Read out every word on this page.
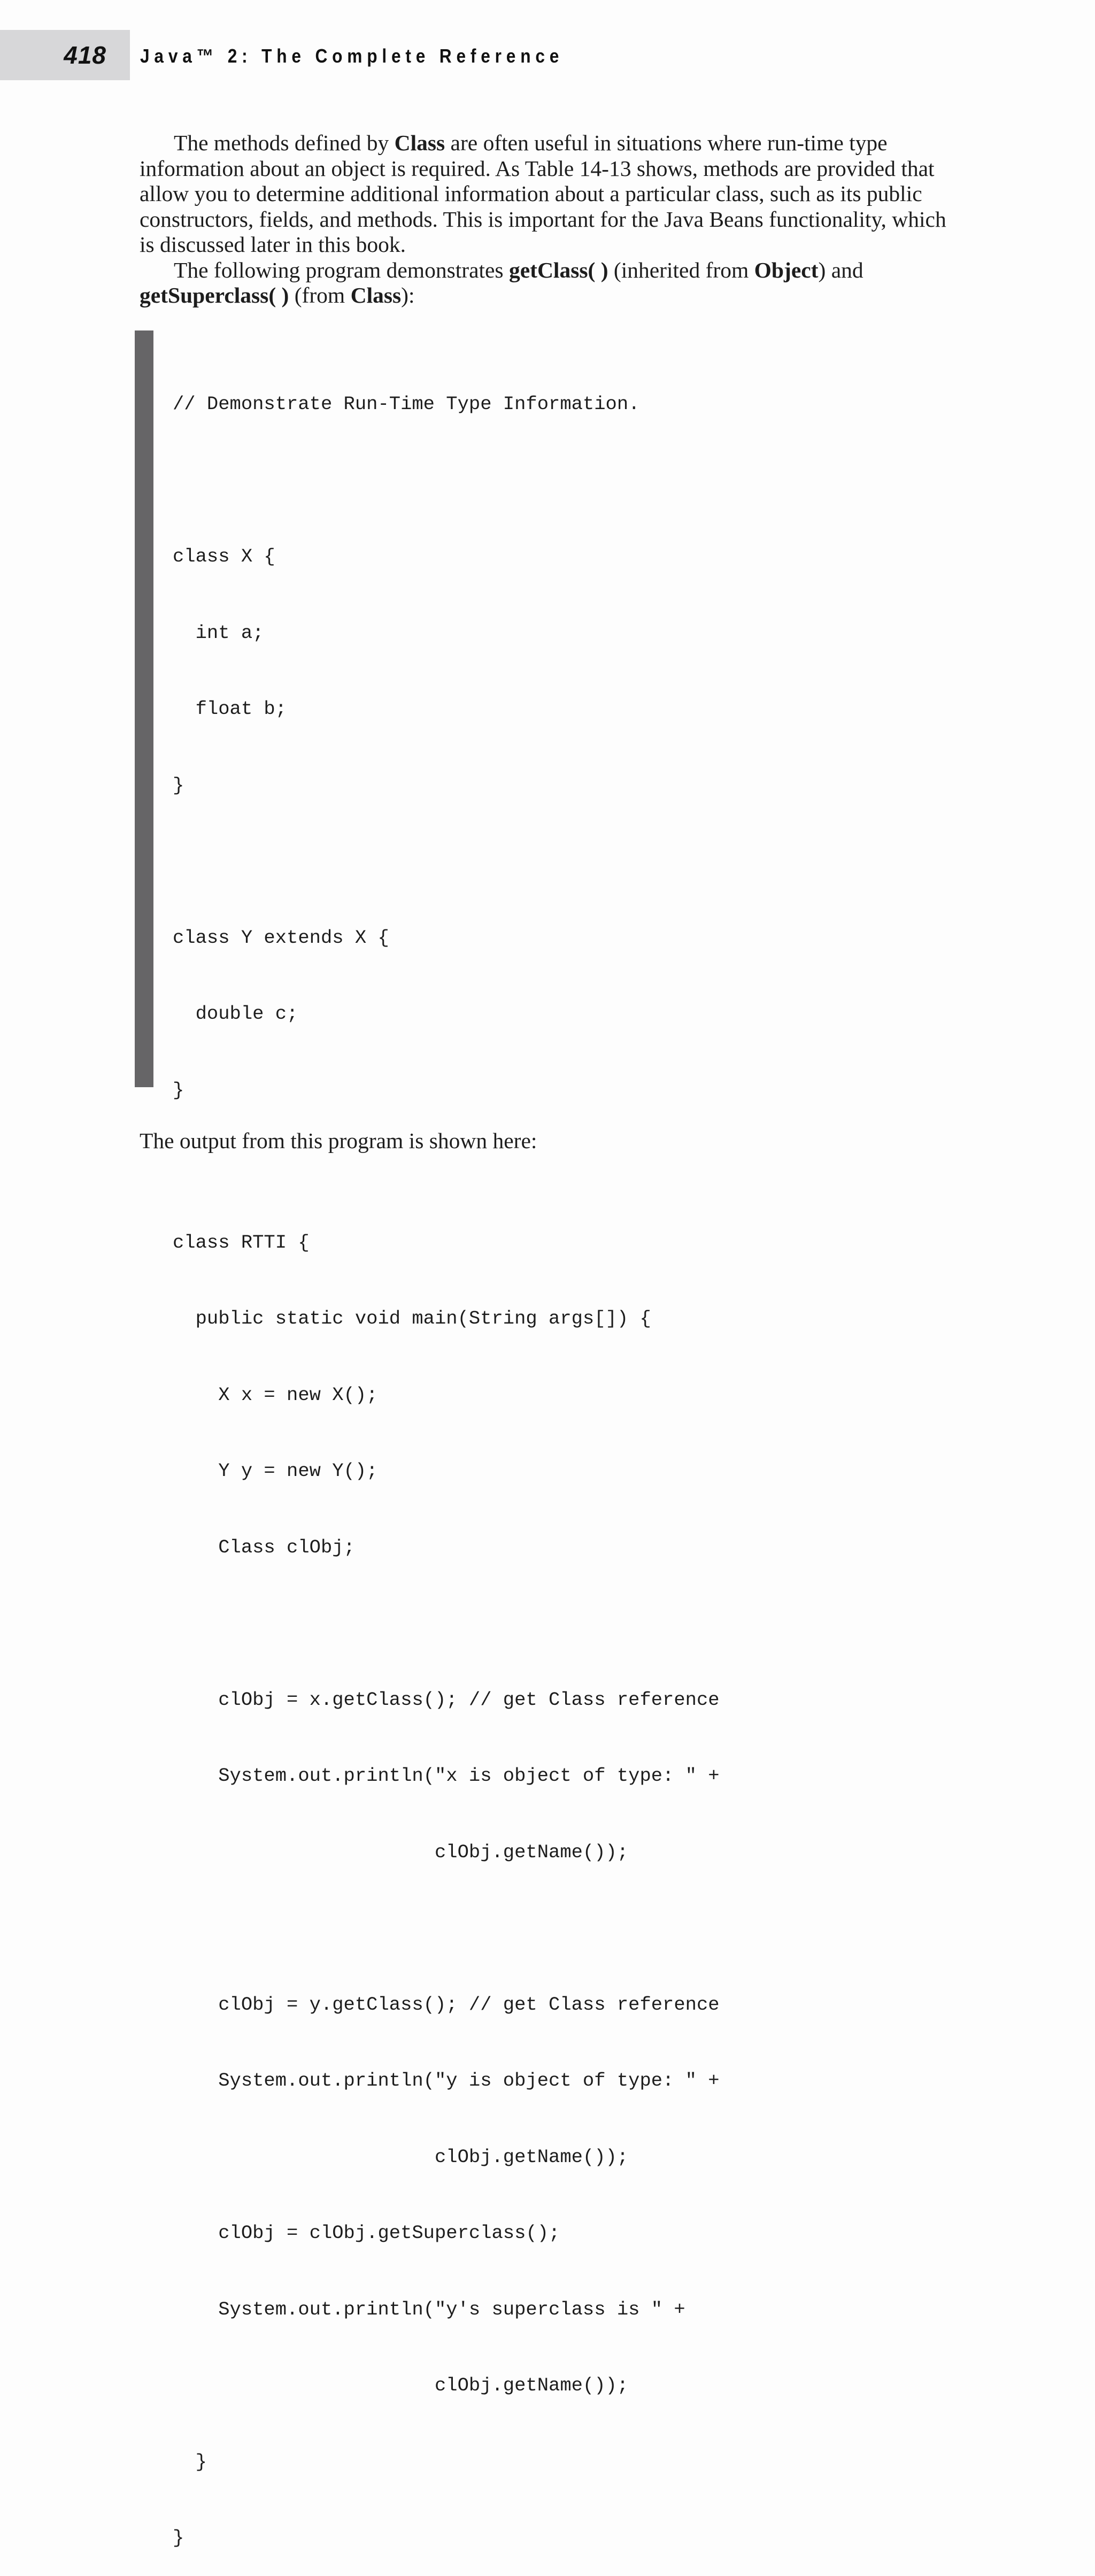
418 Java™ 2: The Complete Reference

The methods defined by Class are often useful in situations where run-time type information about an object is required. As Table 14-13 shows, methods are provided that allow you to determine additional information about a particular class, such as its public constructors, fields, and methods. This is important for the Java Beans functionality, which is discussed later in this book.

The following program demonstrates getClass( ) (inherited from Object) and getSuperclass( ) (from Class):

// Demonstrate Run-Time Type Information.

class X {

int a;

float b;

}

class Y extends X {

double c;

}

class RTTI {

public static void main(String args[]) {

X x = new X();

Y y = new Y();

Class clObj;

clObj = x.getClass(); // get Class reference

System.out.println("x is object of type: " +

clObj.getName());

clObj = y.getClass(); // get Class reference

System.out.println("y is object of type: " +

clObj.getName());

clObj = clObj.getSuperclass();

System.out.println("y's superclass is " +

clObj.getName());

}

}

The output from this program is shown here:
